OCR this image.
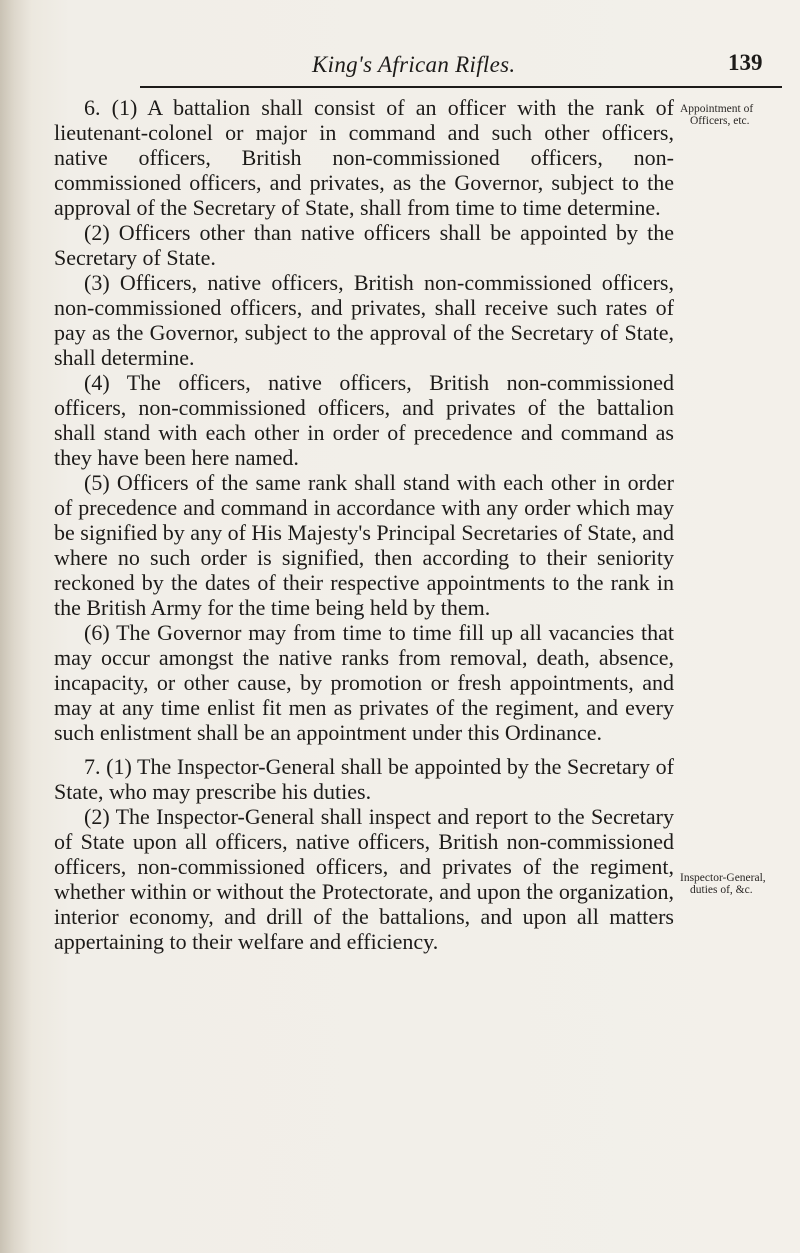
King's African Rifles.	139
Appointment of
Officers, etc.
Inspector-General,
duties of, &c.

6. (1) A battalion shall consist of an officer with the rank of lieutenant-colonel or major in command and such other officers, native officers, British non-commissioned officers, non-commissioned officers, and privates, as the Governor, subject to the approval of the Secretary of State, shall from time to time determine.

(2) Officers other than native officers shall be appointed by the Secretary of State.

(3) Officers, native officers, British non-commissioned officers, non-commissioned officers, and privates, shall receive such rates of pay as the Governor, subject to the approval of the Secretary of State, shall determine.

(4) The officers, native officers, British non-commissioned officers, non-commissioned officers, and privates of the battalion shall stand with each other in order of precedence and command as they have been here named.

(5) Officers of the same rank shall stand with each other in order of precedence and command in accordance with any order which may be signified by any of His Majesty's Principal Secretaries of State, and where no such order is signified, then according to their seniority reckoned by the dates of their respective appointments to the rank in the British Army for the time being held by them.

(6) The Governor may from time to time fill up all vacancies that may occur amongst the native ranks from removal, death, absence, incapacity, or other cause, by promotion or fresh appointments, and may at any time enlist fit men as privates of the regiment, and every such enlistment shall be an appointment under this Ordinance.

7. (1) The Inspector-General shall be appointed by the Secretary of State, who may prescribe his duties.

(2) The Inspector-General shall inspect and report to the Secretary of State upon all officers, native officers, British non-commissioned officers, non-commissioned officers, and privates of the regiment, whether within or without the Protectorate, and upon the organization, interior economy, and drill of the battalions, and upon all matters appertaining to their welfare and efficiency.
